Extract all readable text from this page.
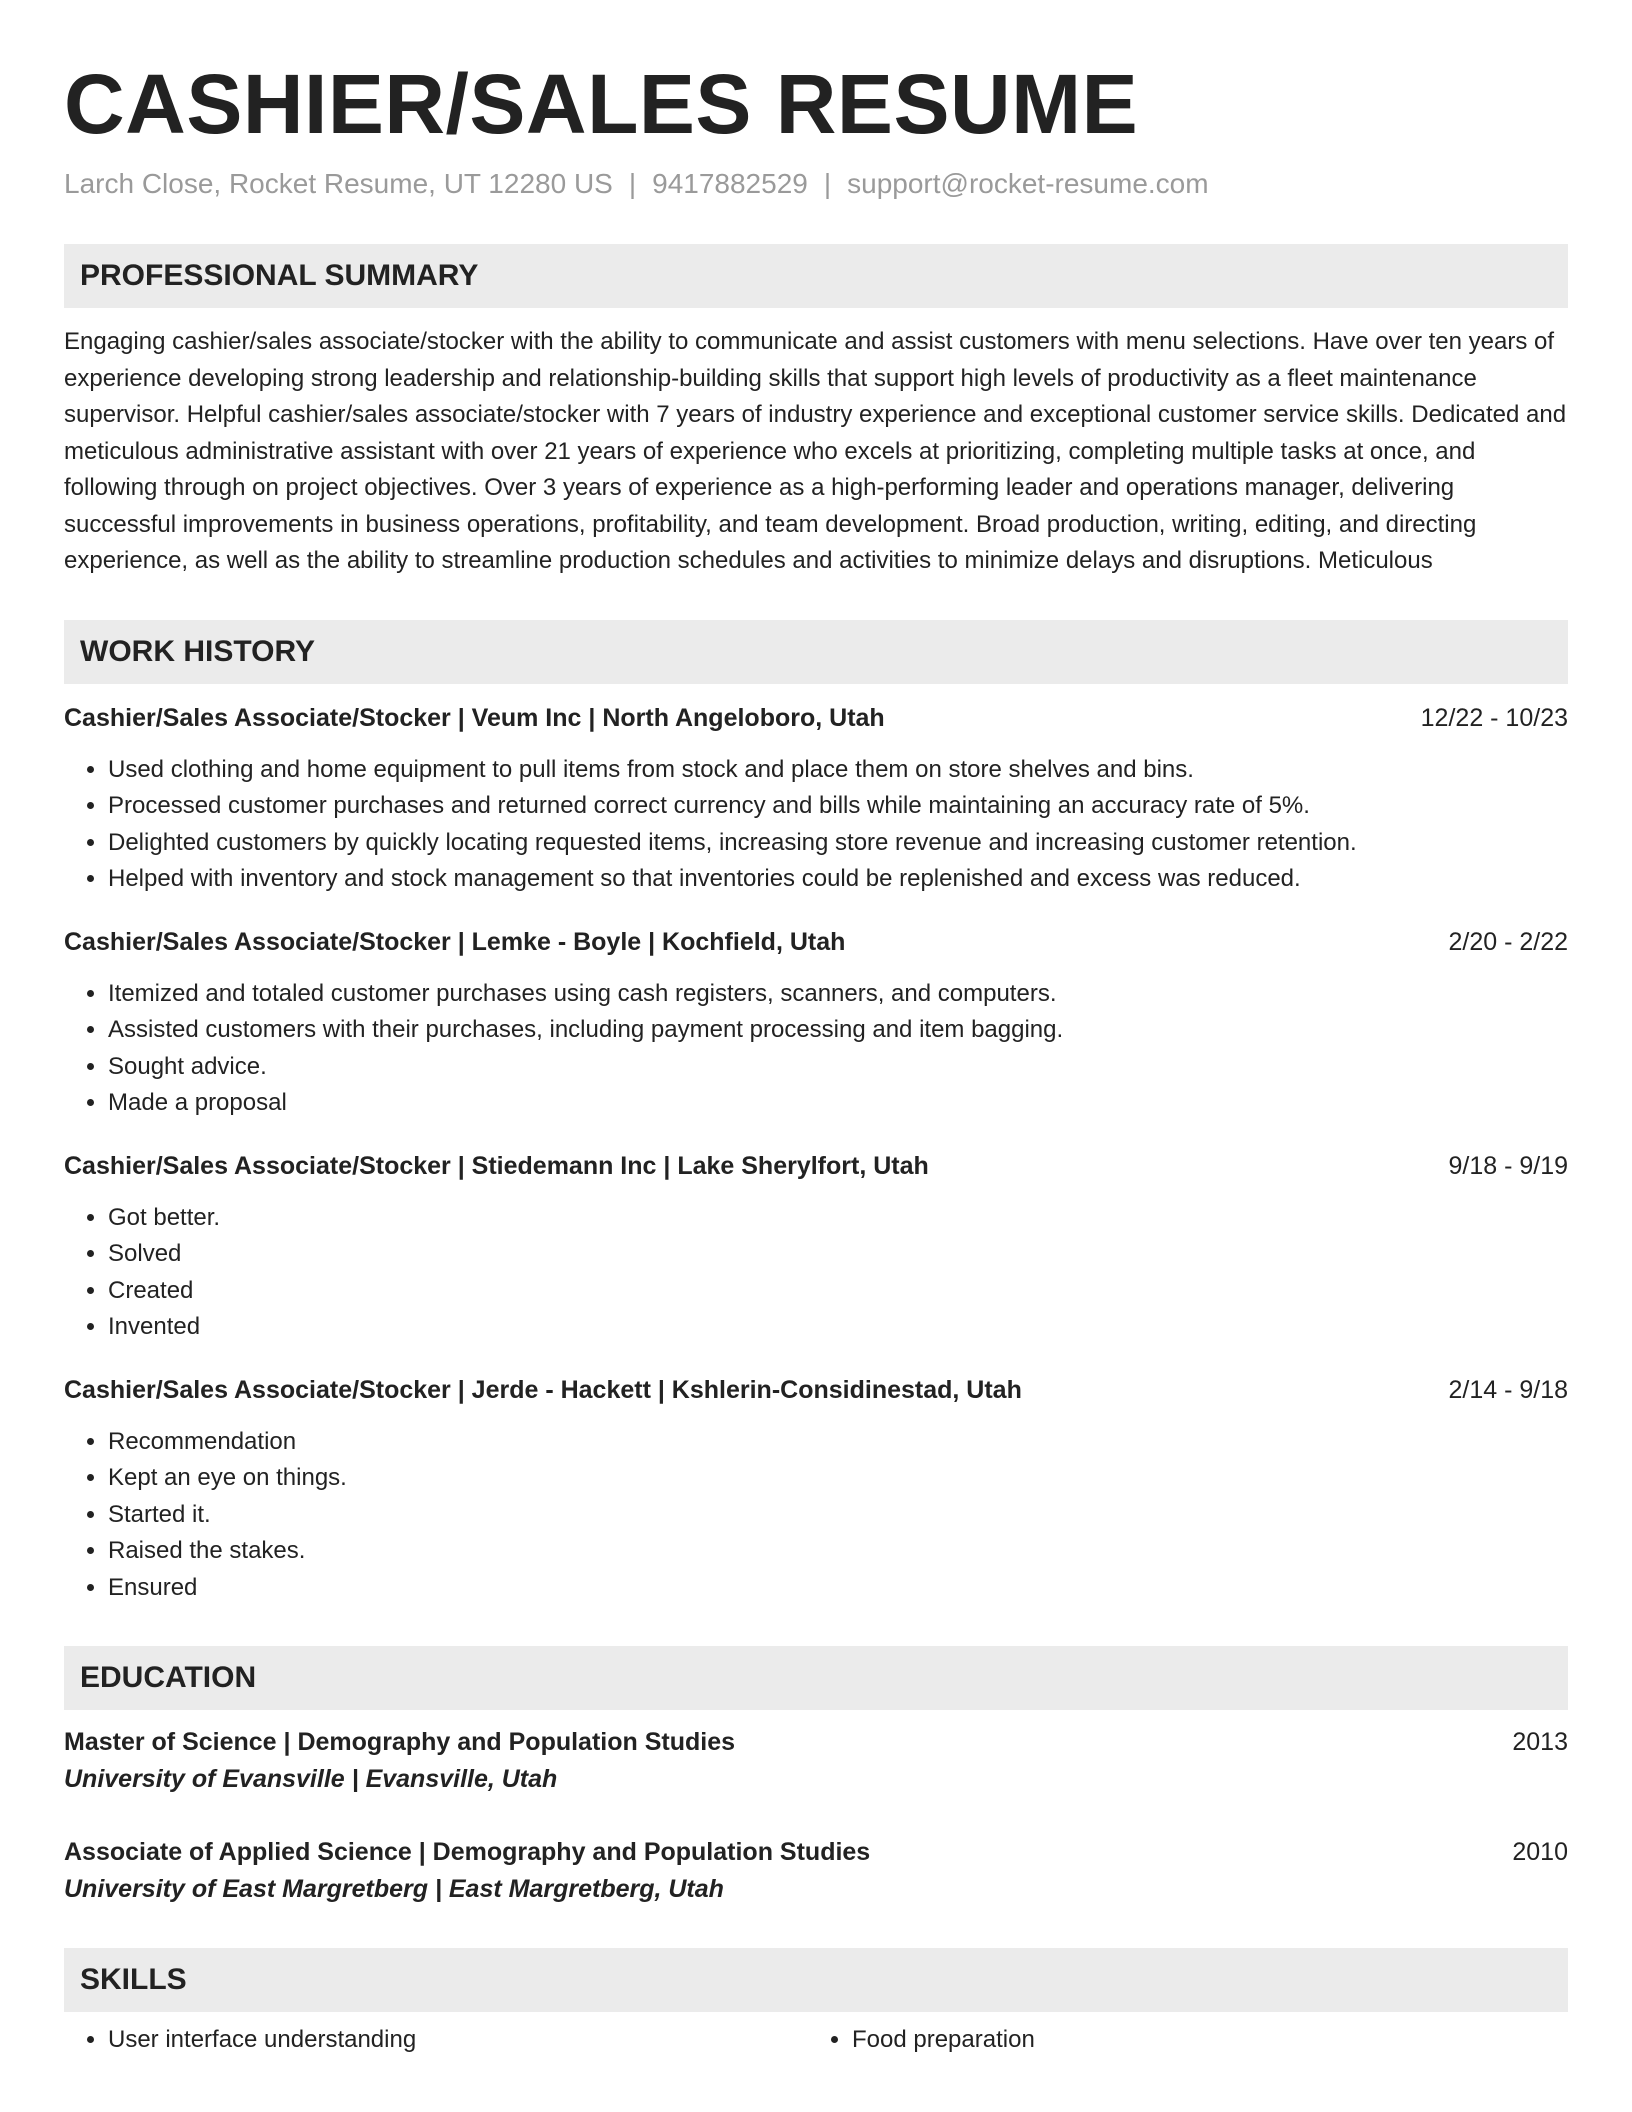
CASHIER/SALES RESUME
Larch Close, Rocket Resume, UT 12280 US | 9417882529 | support@rocket-resume.com
PROFESSIONAL SUMMARY
Engaging cashier/sales associate/stocker with the ability to communicate and assist customers with menu selections. Have over ten years of experience developing strong leadership and relationship-building skills that support high levels of productivity as a fleet maintenance supervisor. Helpful cashier/sales associate/stocker with 7 years of industry experience and exceptional customer service skills. Dedicated and meticulous administrative assistant with over 21 years of experience who excels at prioritizing, completing multiple tasks at once, and following through on project objectives. Over 3 years of experience as a high-performing leader and operations manager, delivering successful improvements in business operations, profitability, and team development. Broad production, writing, editing, and directing experience, as well as the ability to streamline production schedules and activities to minimize delays and disruptions. Meticulous
WORK HISTORY
Cashier/Sales Associate/Stocker | Veum Inc | North Angeloboro, Utah	12/22 - 10/23
• Used clothing and home equipment to pull items from stock and place them on store shelves and bins.
• Processed customer purchases and returned correct currency and bills while maintaining an accuracy rate of 5%.
• Delighted customers by quickly locating requested items, increasing store revenue and increasing customer retention.
• Helped with inventory and stock management so that inventories could be replenished and excess was reduced.
Cashier/Sales Associate/Stocker | Lemke - Boyle | Kochfield, Utah	2/20 - 2/22
• Itemized and totaled customer purchases using cash registers, scanners, and computers.
• Assisted customers with their purchases, including payment processing and item bagging.
• Sought advice.
• Made a proposal
Cashier/Sales Associate/Stocker | Stiedemann Inc | Lake Sherylfort, Utah	9/18 - 9/19
• Got better.
• Solved
• Created
• Invented
Cashier/Sales Associate/Stocker | Jerde - Hackett | Kshlerin-Considinestad, Utah	2/14 - 9/18
• Recommendation
• Kept an eye on things.
• Started it.
• Raised the stakes.
• Ensured
EDUCATION
Master of Science | Demography and Population Studies	2013
University of Evansville | Evansville, Utah
Associate of Applied Science | Demography and Population Studies	2010
University of East Margretberg | East Margretberg, Utah
SKILLS
• User interface understanding
•	Food preparation
